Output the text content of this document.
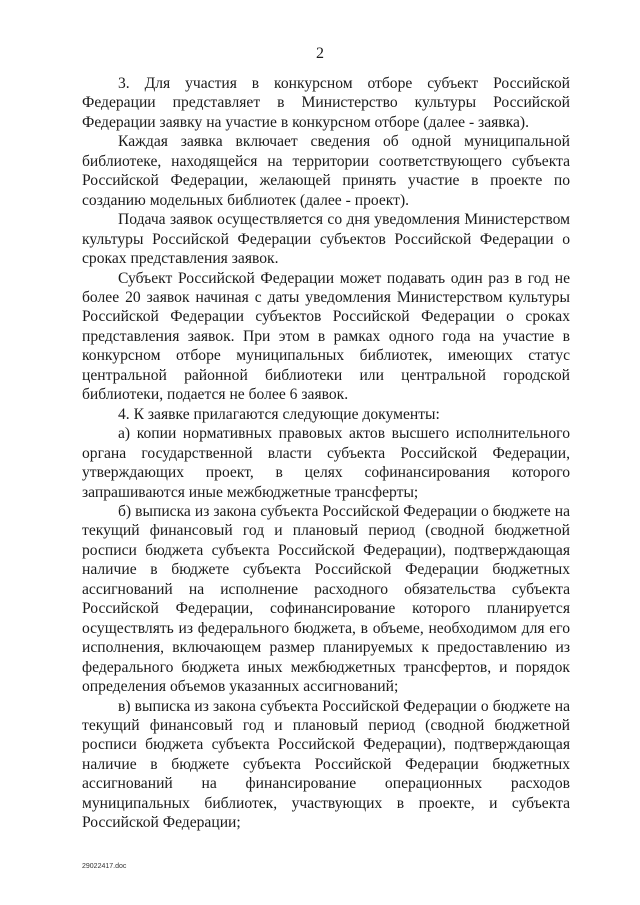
2

3. Для участия в конкурсном отборе субъект Российской Федерации представляет в Министерство культуры Российской Федерации заявку на участие в конкурсном отборе (далее - заявка).

Каждая заявка включает сведения об одной муниципальной библиотеке, находящейся на территории соответствующего субъекта Российской Федерации, желающей принять участие в проекте по созданию модельных библиотек (далее - проект).

Подача заявок осуществляется со дня уведомления Министерством культуры Российской Федерации субъектов Российской Федерации о сроках представления заявок.

Субъект Российской Федерации может подавать один раз в год не более 20 заявок начиная с даты уведомления Министерством культуры Российской Федерации субъектов Российской Федерации о сроках представления заявок. При этом в рамках одного года на участие в конкурсном отборе муниципальных библиотек, имеющих статус центральной районной библиотеки или центральной городской библиотеки, подается не более 6 заявок.

4. К заявке прилагаются следующие документы:

а) копии нормативных правовых актов высшего исполнительного органа государственной власти субъекта Российской Федерации, утверждающих проект, в целях софинансирования которого запрашиваются иные межбюджетные трансферты;

б) выписка из закона субъекта Российской Федерации о бюджете на текущий финансовый год и плановый период (сводной бюджетной росписи бюджета субъекта Российской Федерации), подтверждающая наличие в бюджете субъекта Российской Федерации бюджетных ассигнований на исполнение расходного обязательства субъекта Российской Федерации, софинансирование которого планируется осуществлять из федерального бюджета, в объеме, необходимом для его исполнения, включающем размер планируемых к предоставлению из федерального бюджета иных межбюджетных трансфертов, и порядок определения объемов указанных ассигнований;

в) выписка из закона субъекта Российской Федерации о бюджете на текущий финансовый год и плановый период (сводной бюджетной росписи бюджета субъекта Российской Федерации), подтверждающая наличие в бюджете субъекта Российской Федерации бюджетных ассигнований на финансирование операционных расходов муниципальных библиотек, участвующих в проекте, и субъекта Российской Федерации;

29022417.doc
